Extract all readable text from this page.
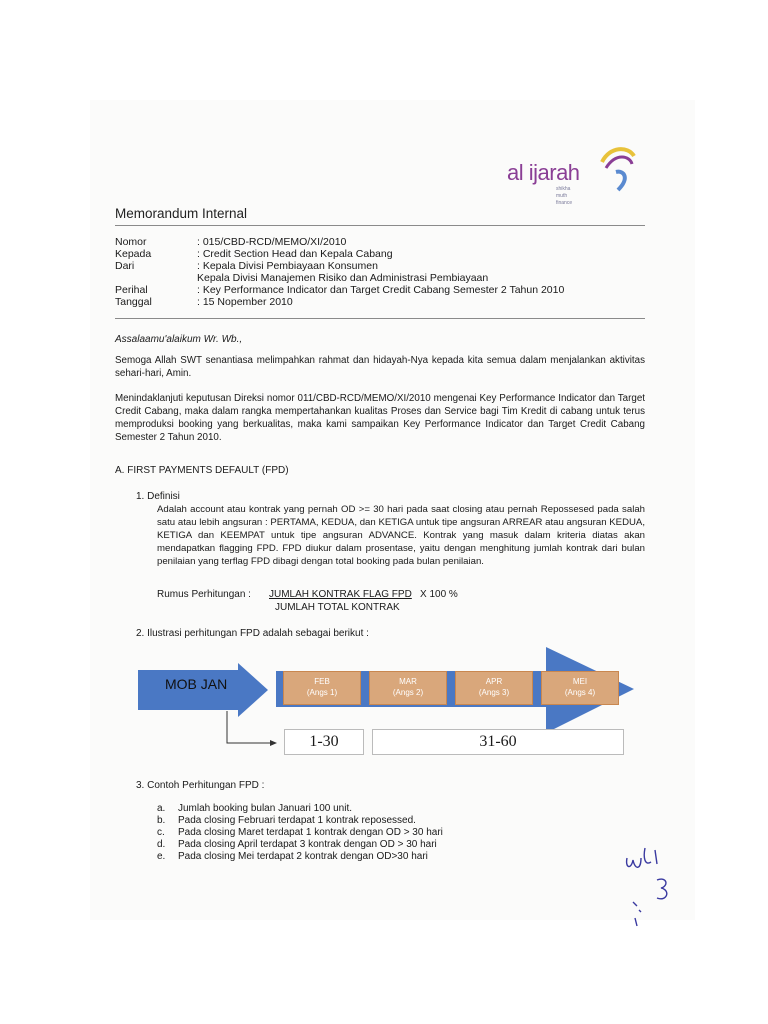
al ijarah
shikha
muth
finance
Memorandum Internal
Nomor	: 015/CBD-RCD/MEMO/XI/2010
Kepada	: Credit Section Head dan Kepala Cabang
Dari	: Kepala Divisi Pembiayaan Konsumen
Kepala Divisi Manajemen Risiko dan Administrasi Pembiayaan
Perihal	: Key Performance Indicator dan Target Credit Cabang Semester 2 Tahun 2010
Tanggal	: 15 Nopember 2010
Assalaamu'alaikum Wr. Wb.,
Semoga Allah SWT senantiasa melimpahkan rahmat dan hidayah-Nya kepada kita semua dalam menjalankan aktivitas sehari-hari, Amin.
Menindaklanjuti keputusan Direksi nomor 011/CBD-RCD/MEMO/XI/2010 mengenai Key Performance Indicator dan Target Credit Cabang, maka dalam rangka mempertahankan kualitas Proses dan Service bagi Tim Kredit di cabang untuk terus memproduksi booking yang berkualitas, maka kami sampaikan Key Performance Indicator dan Target Credit Cabang Semester 2 Tahun 2010.
A. FIRST PAYMENTS DEFAULT (FPD)
1. Definisi
Adalah account atau kontrak yang pernah OD >= 30 hari pada saat closing atau pernah Repossesed pada salah satu atau lebih angsuran : PERTAMA, KEDUA, dan KETIGA untuk tipe angsuran ARREAR atau angsuran KEDUA, KETIGA dan KEEMPAT untuk tipe angsuran ADVANCE. Kontrak yang masuk dalam kriteria diatas akan mendapatkan flagging FPD. FPD diukur dalam prosentase, yaitu dengan menghitung jumlah kontrak dari bulan penilaian yang terflag FPD dibagi dengan total booking pada bulan penilaian.
Rumus Perhitungan : JUMLAH KONTRAK FLAG FPD X 100 %
JUMLAH TOTAL KONTRAK
2. Ilustrasi perhitungan FPD adalah sebagai berikut :
MOB JAN	FEB
(Angs 1)
MAR
(Angs 2)
APR
(Angs 3)
MEI
(Angs 4)
1-30	31-60
3. Contoh Perhitungan FPD :
a. Jumlah booking bulan Januari 100 unit.
b. Pada closing Februari terdapat 1 kontrak reposessed.
c. Pada closing Maret terdapat 1 kontrak dengan OD > 30 hari
d. Pada closing April terdapat 3 kontrak dengan OD > 30 hari
e. Pada closing Mei terdapat 2 kontrak dengan OD>30 hari
